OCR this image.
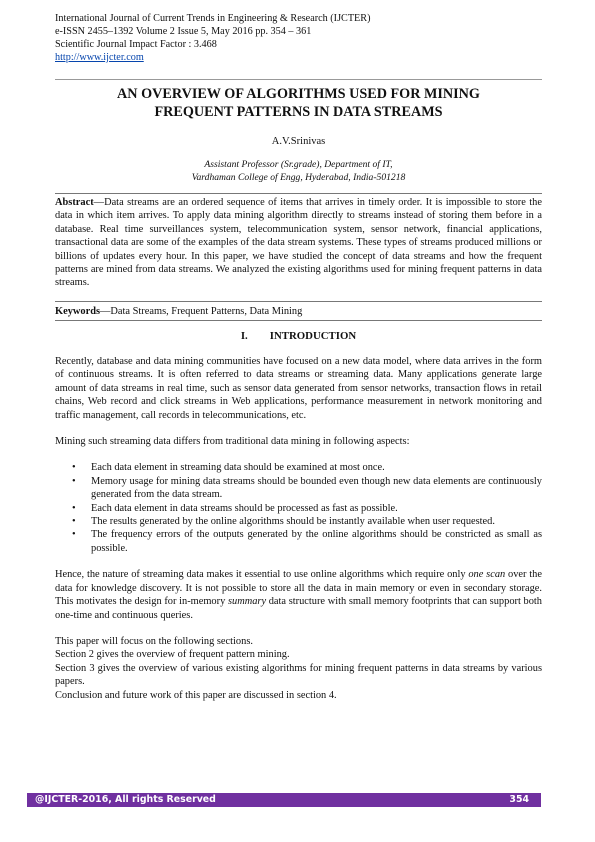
International Journal of Current Trends in Engineering & Research (IJCTER)
e-ISSN 2455–1392 Volume 2 Issue 5, May 2016 pp. 354 – 361
Scientific Journal Impact Factor : 3.468
http://www.ijcter.com
AN OVERVIEW OF ALGORITHMS USED FOR MINING
FREQUENT PATTERNS IN DATA STREAMS
A.V.Srinivas
Assistant Professor (Sr.grade), Department of IT,
Vardhaman College of Engg, Hyderabad, India-501218
Abstract—Data streams are an ordered sequence of items that arrives in timely order. It is impossible to store the data in which item arrives. To apply data mining algorithm directly to streams instead of storing them before in a database. Real time surveillances system, telecommunication system, sensor network, financial applications, transactional data are some of the examples of the data stream systems. These types of streams produced millions or billions of updates every hour. In this paper, we have studied the concept of data streams and how the frequent patterns are mined from data streams. We analyzed the existing algorithms used for mining frequent patterns in data streams.
Keywords—Data Streams, Frequent Patterns, Data Mining
I. INTRODUCTION

Recently, database and data mining communities have focused on a new data model, where data arrives in the form of continuous streams. It is often referred to data streams or streaming data. Many applications generate large amount of data streams in real time, such as sensor data generated from sensor networks, transaction flows in retail chains, Web record and click streams in Web applications, performance measurement in network monitoring and traffic management, call records in telecommunications, etc.

Mining such streaming data differs from traditional data mining in following aspects:

• Each data element in streaming data should be examined at most once.
• Memory usage for mining data streams should be bounded even though new data elements are continuously generated from the data stream.
• Each data element in data streams should be processed as fast as possible.
• The results generated by the online algorithms should be instantly available when user requested.
• The frequency errors of the outputs generated by the online algorithms should be constricted as small as possible.

Hence, the nature of streaming data makes it essential to use online algorithms which require only one scan over the data for knowledge discovery. It is not possible to store all the data in main memory or even in secondary storage. This motivates the design for in-memory summary data structure with small memory footprints that can support both one-time and continuous queries.

This paper will focus on the following sections.

Section 2 gives the overview of frequent pattern mining.

Section 3 gives the overview of various existing algorithms for mining frequent patterns in data streams by various papers.

Conclusion and future work of this paper are discussed in section 4.

@IJCTER-2016, All rights Reserved	354
